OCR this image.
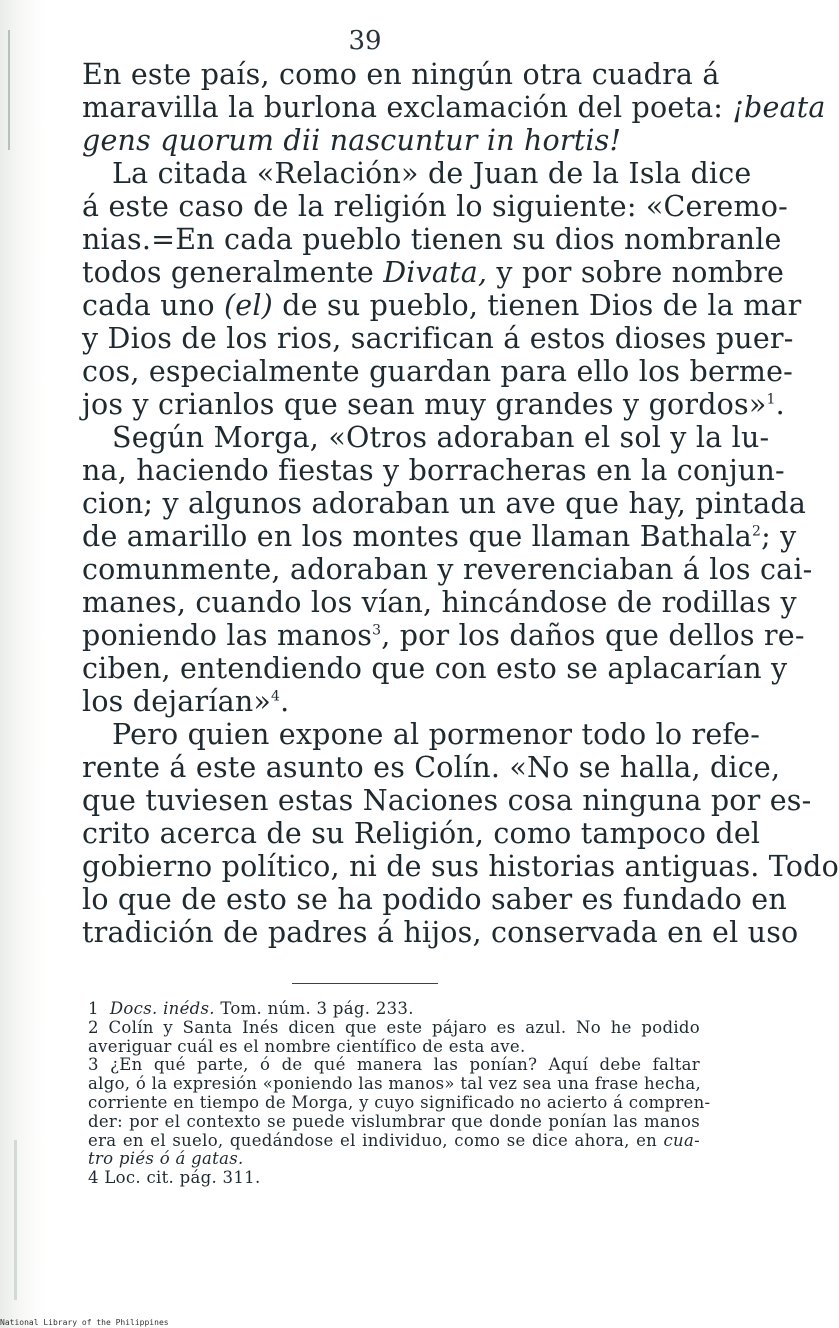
39
En este país, como en ningún otra cuadra á
maravilla la burlona exclamación del poeta: ¡beata
gens quorum dii nascuntur in hortis!
La citada «Relación» de Juan de la Isla dice
á este caso de la religión lo siguiente: «Ceremo-
nias.=En cada pueblo tienen su dios nombranle
todos generalmente Divata, y por sobre nombre
cada uno (el) de su pueblo, tienen Dios de la mar
y Dios de los rios, sacrifican á estos dioses puer-
cos, especialmente guardan para ello los berme-
jos y crianlos que sean muy grandes y gordos»$^1$.
Según Morga, «Otros adoraban el sol y la lu-
na, haciendo fiestas y borracheras en la conjun-
cion; y algunos adoraban un ave que hay, pintada
de amarillo en los montes que llaman Bathala$^2$; y
comunmente, adoraban y reverenciaban á los cai-
manes, cuando los vían, hincándose de rodillas y
poniendo las manos$^3$, por los daños que dellos re-
ciben, entendiendo que con esto se aplacarían y
los dejarían»$^4$.
Pero quien expone al pormenor todo lo refe-
rente á este asunto es Colín. «No se halla, dice,
que tuviesen estas Naciones cosa ninguna por es-
crito acerca de su Religión, como tampoco del
gobierno político, ni de sus historias antiguas. Todo
lo que de esto se ha podido saber es fundado en
tradición de padres á hijos, conservada en el uso
1 Docs. inéds. Tom. núm. 3 pág. 233.
2 Colín y Santa Inés dicen que este pájaro es azul. No he podido
averiguar cuál es el nombre científico de esta ave.
3 ¿En qué parte, ó de qué manera las ponían? Aquí debe faltar
algo, ó la expresión «poniendo las manos» tal vez sea una frase hecha,
corriente en tiempo de Morga, y cuyo significado no acierto á compren-
der: por el contexto se puede vislumbrar que donde ponían las manos
era en el suelo, quedándose el individuo, como se dice ahora, en cua-
tro piés ó á gatas.
4 Loc. cit. pág. 311.
National Library of the Philippines
